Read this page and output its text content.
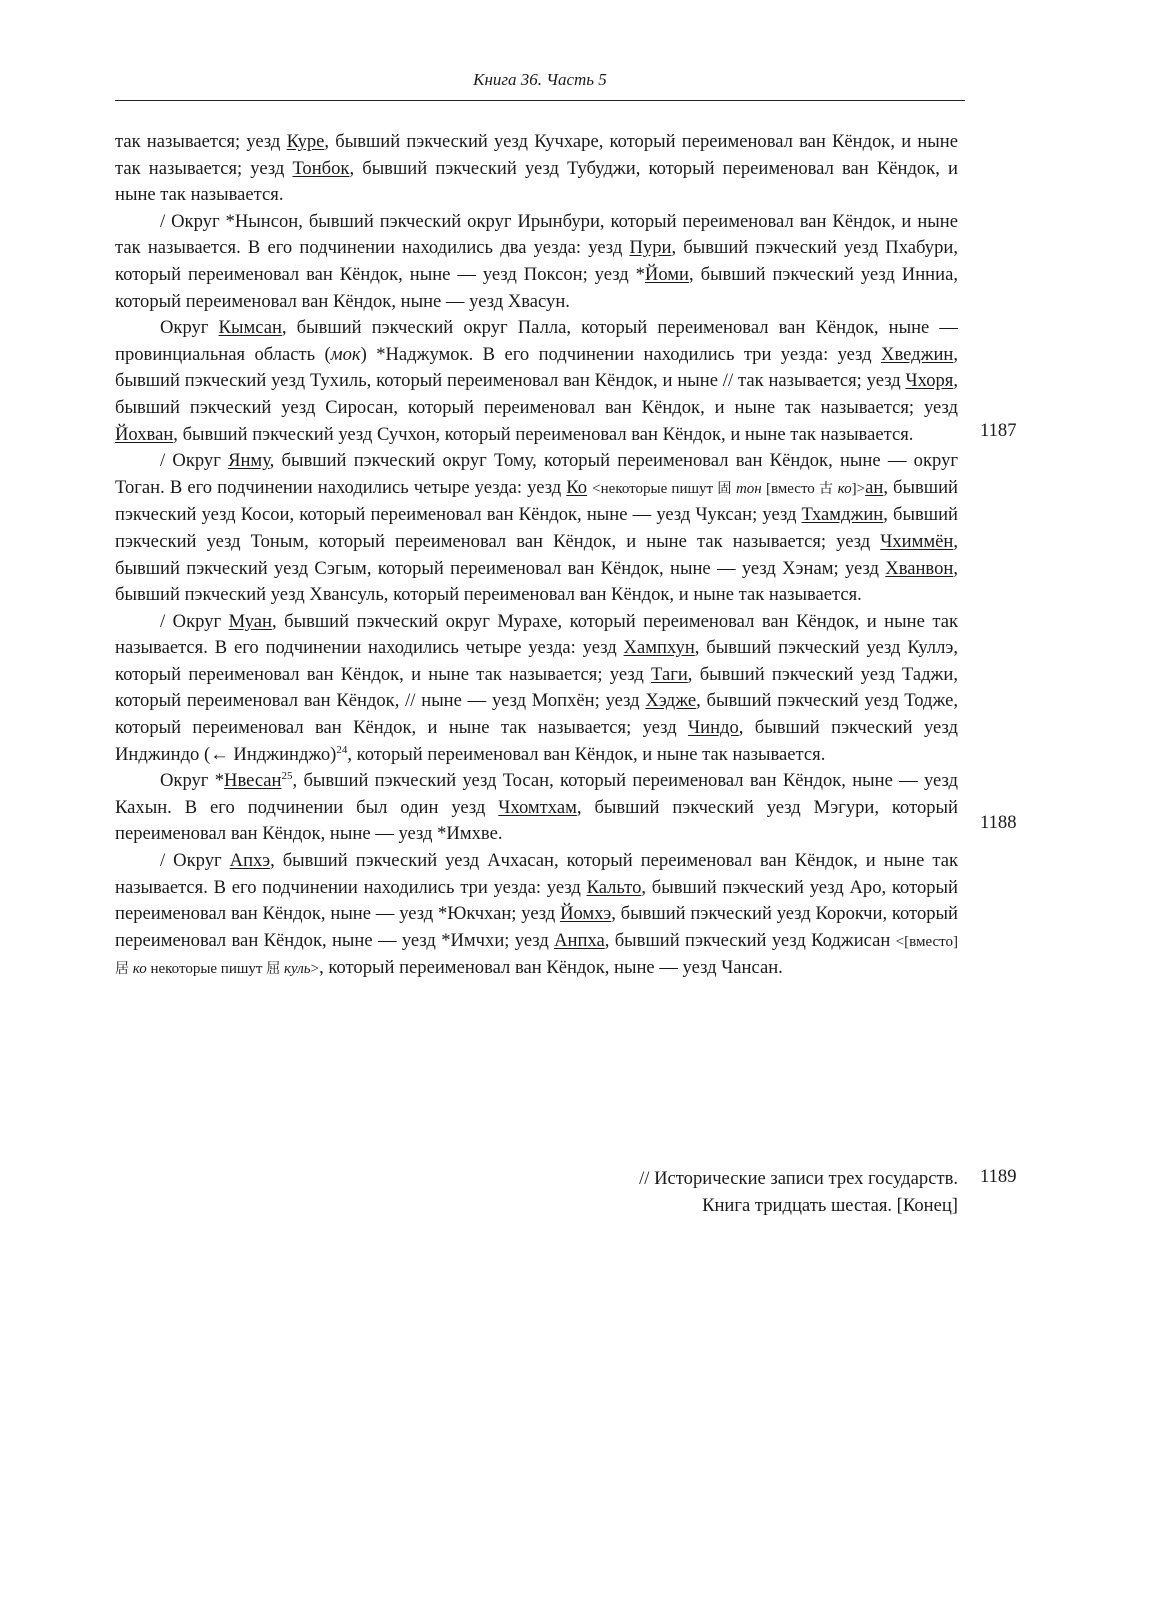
Книга 36. Часть 5

так называется; уезд Куре, бывший пэкческий уезд Кучхаре, который переименовал ван Кёндок, и ныне так называется; уезд Тонбок, бывший пэкческий уезд Тубуджи, который переименовал ван Кёндок, и ныне так называется.

/ Округ *Нынсон, бывший пэкческий округ Ирынбури, который переименовал ван Кёндок, и ныне так называется. В его подчинении находились два уезда: уезд Пури, бывший пэкческий уезд Пхабури, который переименовал ван Кёндок, ныне — уезд Поксон; уезд *Йоми, бывший пэкческий уезд Инниа, который переименовал ван Кёндок, ныне — уезд Хвасун.

Округ Кымсан, бывший пэкческий округ Палла, который переименовал ван Кёндок, ныне — провинциальная область (мок) *Наджумок. В его подчинении находились три уезда: уезд Хведжин, бывший пэкческий уезд Тухиль, который переименовал ван Кёндок, и ныне // так называется; уезд Чхоря, бывший пэкческий уезд Сиросан, который переименовал ван Кёндок, и ныне так называется; уезд Йохван, бывший пэкческий уезд Сучхон, который переименовал ван Кёндок, и ныне так называется.

/ Округ Янму, бывший пэкческий округ Тому, который переименовал ван Кёндок, ныне — округ Тоган. В его подчинении находились четыре уезда: уезд Ко <некоторые пишут 固 тон [вместо 古 ко]>ан, бывший пэкческий уезд Косои, который переименовал ван Кёндок, ныне — уезд Чуксан; уезд Тхамджин, бывший пэкческий уезд Тоным, который переименовал ван Кёндок, и ныне так называется; уезд Чхиммён, бывший пэкческий уезд Сэгым, который переименовал ван Кёндок, ныне — уезд Хэнам; уезд Хванвон, бывший пэкческий уезд Хвансуль, который переименовал ван Кёндок, и ныне так называется.

/ Округ Муан, бывший пэкческий округ Мурахе, который переименовал ван Кёндок, и ныне так называется. В его подчинении находились четыре уезда: уезд Хампхун, бывший пэкческий уезд Куллэ, который переименовал ван Кёндок, и ныне так называется; уезд Таги, бывший пэкческий уезд Таджи, который переименовал ван Кёндок, // ныне — уезд Мопхён; уезд Хэдже, бывший пэкческий уезд Тодже, который переименовал ван Кёндок, и ныне так называется; уезд Чиндо, бывший пэкческий уезд Инджиндо (← Инджинджо)$^{24}$, который переименовал ван Кёндок, и ныне так называется.

Округ *Нвесан$^{25}$, бывший пэкческий уезд Тосан, который переименовал ван Кёндок, ныне — уезд Кахын. В его подчинении был один уезд Чхомтхам, бывший пэкческий уезд Мэгури, который переименовал ван Кёндок, ныне — уезд *Имхве.

/ Округ Апхэ, бывший пэкческий уезд Ачхасан, который переименовал ван Кёндок, и ныне так называется. В его подчинении находились три уезда: уезд Кальто, бывший пэкческий уезд Аро, который переименовал ван Кёндок, ныне — уезд *Юкчхан; уезд Йомхэ, бывший пэкческий уезд Корокчи, который переименовал ван Кёндок, ныне — уезд *Имчхи; уезд Анпха, бывший пэкческий уезд Коджисан <[вместо] 居 ко некоторые пишут 屈 куль>, который переименовал ван Кёндок, ныне — уезд Чансан.

1187
1188
1189
// Исторические записи трех государств.
Книга тридцать шестая. [Конец]
